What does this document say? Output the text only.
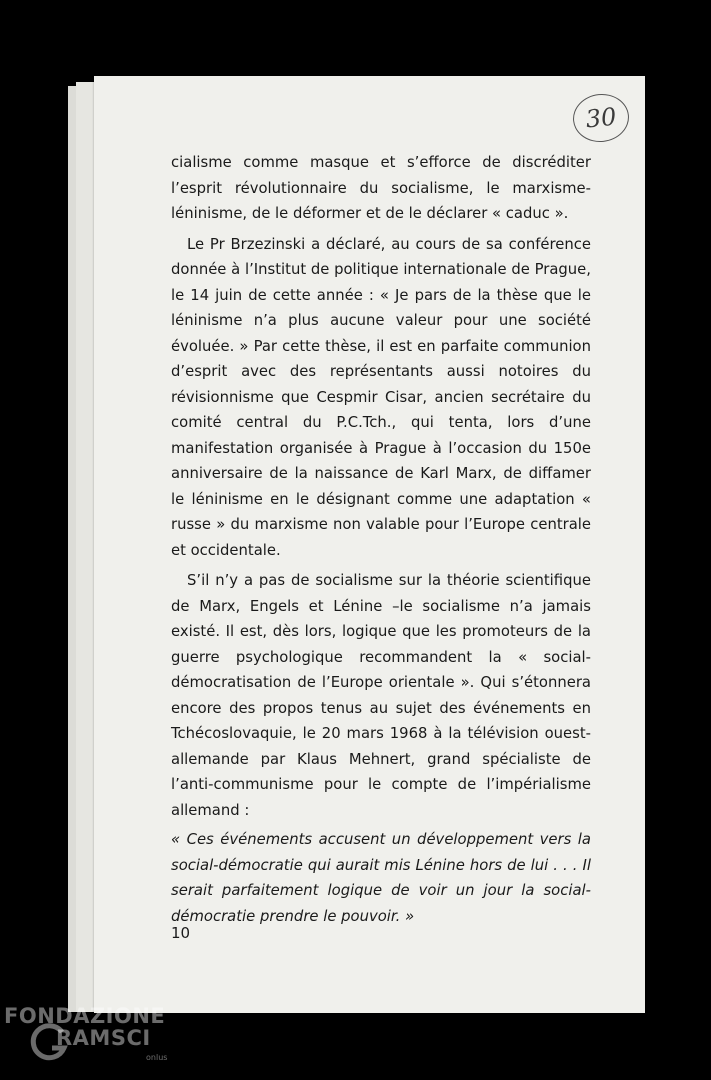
30

cialisme comme masque et s’efforce de discréditer l’esprit révolutionnaire du socialisme, le marxisme-léninisme, de le déformer et de le déclarer « caduc ».

Le Pr Brzezinski a déclaré, au cours de sa conférence donnée à l’Institut de politique internationale de Prague, le 14 juin de cette année : « Je pars de la thèse que le léninisme n’a plus aucune valeur pour une société évoluée. » Par cette thèse, il est en parfaite communion d’esprit avec des représentants aussi notoires du révisionnisme que Cespmir Cisar, ancien secrétaire du comité central du P.C.Tch., qui tenta, lors d’une manifestation organisée à Prague à l’occasion du 150e anniversaire de la naissance de Karl Marx, de diffamer le léninisme en le désignant comme une adaptation « russe » du marxisme non valable pour l’Europe centrale et occidentale.

S’il n’y a pas de socialisme sur la théorie scientifique de Marx, Engels et Lénine –le socialisme n’a jamais existé. Il est, dès lors, logique que les promoteurs de la guerre psychologique recommandent la « social-démocratisation de l’Europe orientale ». Qui s’étonnera encore des propos tenus au sujet des événements en Tchécoslovaquie, le 20 mars 1968 à la télévision ouest-allemande par Klaus Mehnert, grand spécialiste de l’anti-communisme pour le compte de l’impérialisme allemand :

« Ces événements accusent un développement vers la social-démocratie qui aurait mis Lénine hors de lui . . . Il serait parfaitement logique de voir un jour la social-démocratie prendre le pouvoir. »

10
FONDAZIONE
RAMSCI
onlus
